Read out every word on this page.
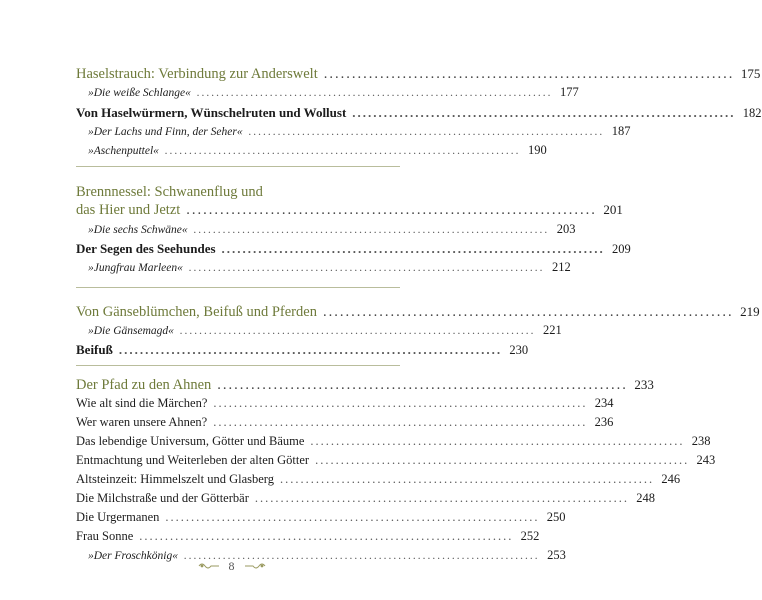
Haselstrauch: Verbindung zur Anderswelt ......................................................................... 175
»Die weiße Schlange« ......................................................................... 177
Von Haselwürmern, Wünschelruten und Wollust ......................................................................... 182
»Der Lachs und Finn, der Seher« ......................................................................... 187
»Aschenputtel« ......................................................................... 190
Brennnessel: Schwanenflug und
das Hier und Jetzt ......................................................................... 201
»Die sechs Schwäne« ......................................................................... 203
Der Segen des Seehundes ......................................................................... 209
»Jungfrau Marleen« ......................................................................... 212
Von Gänseblümchen, Beifuß und Pferden ......................................................................... 219
»Die Gänsemagd« ......................................................................... 221
Beifuß ......................................................................... 230
Der Pfad zu den Ahnen ......................................................................... 233
Wie alt sind die Märchen? ......................................................................... 234
Wer waren unsere Ahnen? ......................................................................... 236
Das lebendige Universum, Götter und Bäume ......................................................................... 238
Entmachtung und Weiterleben der alten Götter ......................................................................... 243
Altsteinzeit: Himmelszelt und Glasberg ......................................................................... 246
Die Milchstraße und der Götterbär ......................................................................... 248
Die Urgermanen ......................................................................... 250
Frau Sonne ......................................................................... 252
»Der Froschkönig« ......................................................................... 253
8
